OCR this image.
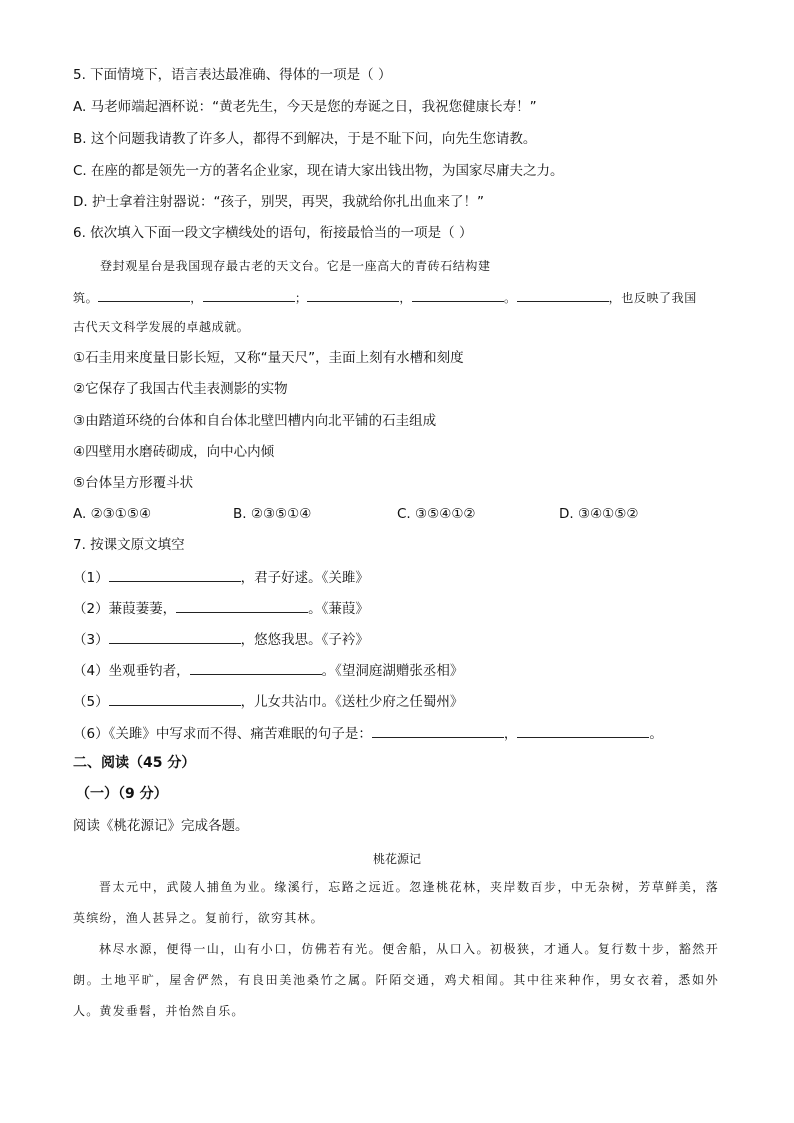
5. 下面情境下，语言表达最准确、得体的一项是（ ）
A. 马老师端起酒杯说：“黄老先生，今天是您的寿诞之日，我祝您健康长寿！”
B. 这个问题我请教了许多人，都得不到解决，于是不耻下问，向先生您请教。
C. 在座的都是领先一方的著名企业家，现在请大家出钱出物，为国家尽庸夫之力。
D. 护士拿着注射器说：“孩子，别哭，再哭，我就给你扎出血来了！”
6. 依次填入下面一段文字横线处的语句，衔接最恰当的一项是（ ）
登封观星台是我国现存最古老的天文台。它是一座高大的青砖石结构建
筑。	，	；	，	。	，也反映了我国
古代天文科学发展的卓越成就。
①石圭用来度量日影长短，又称“量天尺”，圭面上刻有水槽和刻度
②它保存了我国古代圭表测影的实物
③由踏道环绕的台体和自台体北壁凹槽内向北平铺的石圭组成
④四壁用水磨砖砌成，向中心内倾
⑤台体呈方形覆斗状
A. ②③①⑤④	B. ②③⑤①④	C. ③⑤④①②	D. ③④①⑤②
7. 按课文原文填空
（1）	，君子好逑。《关雎》
（2）蒹葭萋萋，	。《蒹葭》
（3）	，悠悠我思。《子衿》
（4）坐观垂钓者，	。《望洞庭湖赠张丞相》
（5）	，儿女共沾巾。《送杜少府之任蜀州》
（6）《关雎》中写求而不得、痛苦难眠的句子是：	，	。
二、阅读（45 分）
（一）（9 分）
阅读《桃花源记》完成各题。
桃花源记
晋太元中，武陵人捕鱼为业。缘溪行，忘路之远近。忽逢桃花林，夹岸数百步，中无杂树，芳草鲜美，落英缤纷，渔人甚异之。复前行，欲穷其林。
林尽水源，便得一山，山有小口，仿佛若有光。便舍船，从口入。初极狭，才通人。复行数十步，豁然开朗。土地平旷，屋舍俨然，有良田美池桑竹之属。阡陌交通，鸡犬相闻。其中往来种作，男女衣着，悉如外人。黄发垂髫，并怡然自乐。
